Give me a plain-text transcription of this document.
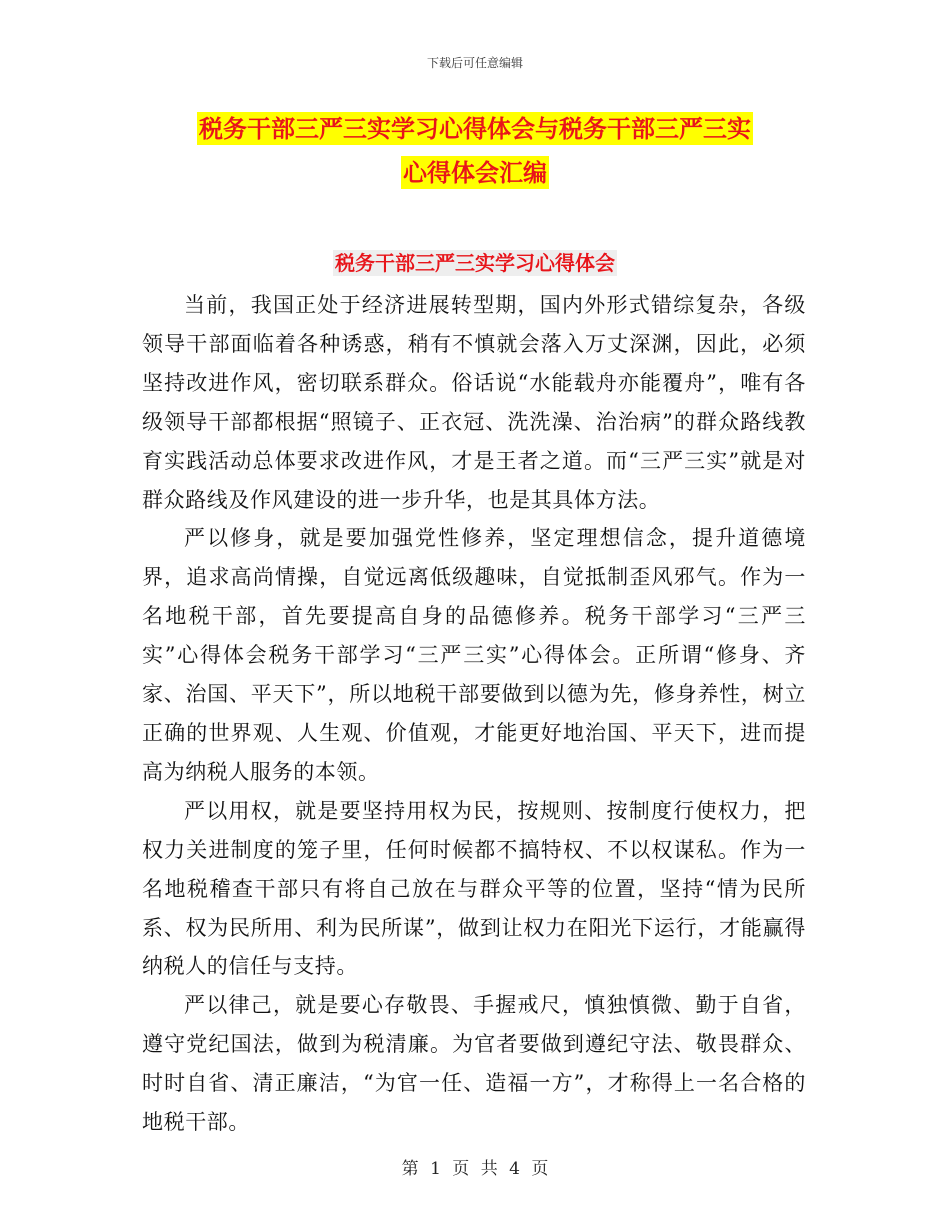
下载后可任意编辑
税务干部三严三实学习心得体会与税务干部三严三实
心得体会汇编
税务干部三严三实学习心得体会

当前，我国正处于经济进展转型期，国内外形式错综复杂，各级领导干部面临着各种诱惑，稍有不慎就会落入万丈深渊，因此，必须坚持改进作风，密切联系群众。俗话说“水能载舟亦能覆舟”，唯有各级领导干部都根据“照镜子、正衣冠、洗洗澡、治治病”的群众路线教育实践活动总体要求改进作风，才是王者之道。而“三严三实”就是对群众路线及作风建设的进一步升华，也是其具体方法。

严以修身，就是要加强党性修养，坚定理想信念，提升道德境界，追求高尚情操，自觉远离低级趣味，自觉抵制歪风邪气。作为一名地税干部，首先要提高自身的品德修养。税务干部学习“三严三实”心得体会税务干部学习“三严三实”心得体会。正所谓“修身、齐家、治国、平天下”，所以地税干部要做到以德为先，修身养性，树立正确的世界观、人生观、价值观，才能更好地治国、平天下，进而提高为纳税人服务的本领。

严以用权，就是要坚持用权为民，按规则、按制度行使权力，把权力关进制度的笼子里，任何时候都不搞特权、不以权谋私。作为一名地税稽查干部只有将自己放在与群众平等的位置，坚持“情为民所系、权为民所用、利为民所谋”，做到让权力在阳光下运行，才能赢得纳税人的信任与支持。

严以律己，就是要心存敬畏、手握戒尺，慎独慎微、勤于自省，遵守党纪国法，做到为税清廉。为官者要做到遵纪守法、敬畏群众、时时自省、清正廉洁，“为官一任、造福一方”，才称得上一名合格的地税干部。

第 1 页 共 4 页
